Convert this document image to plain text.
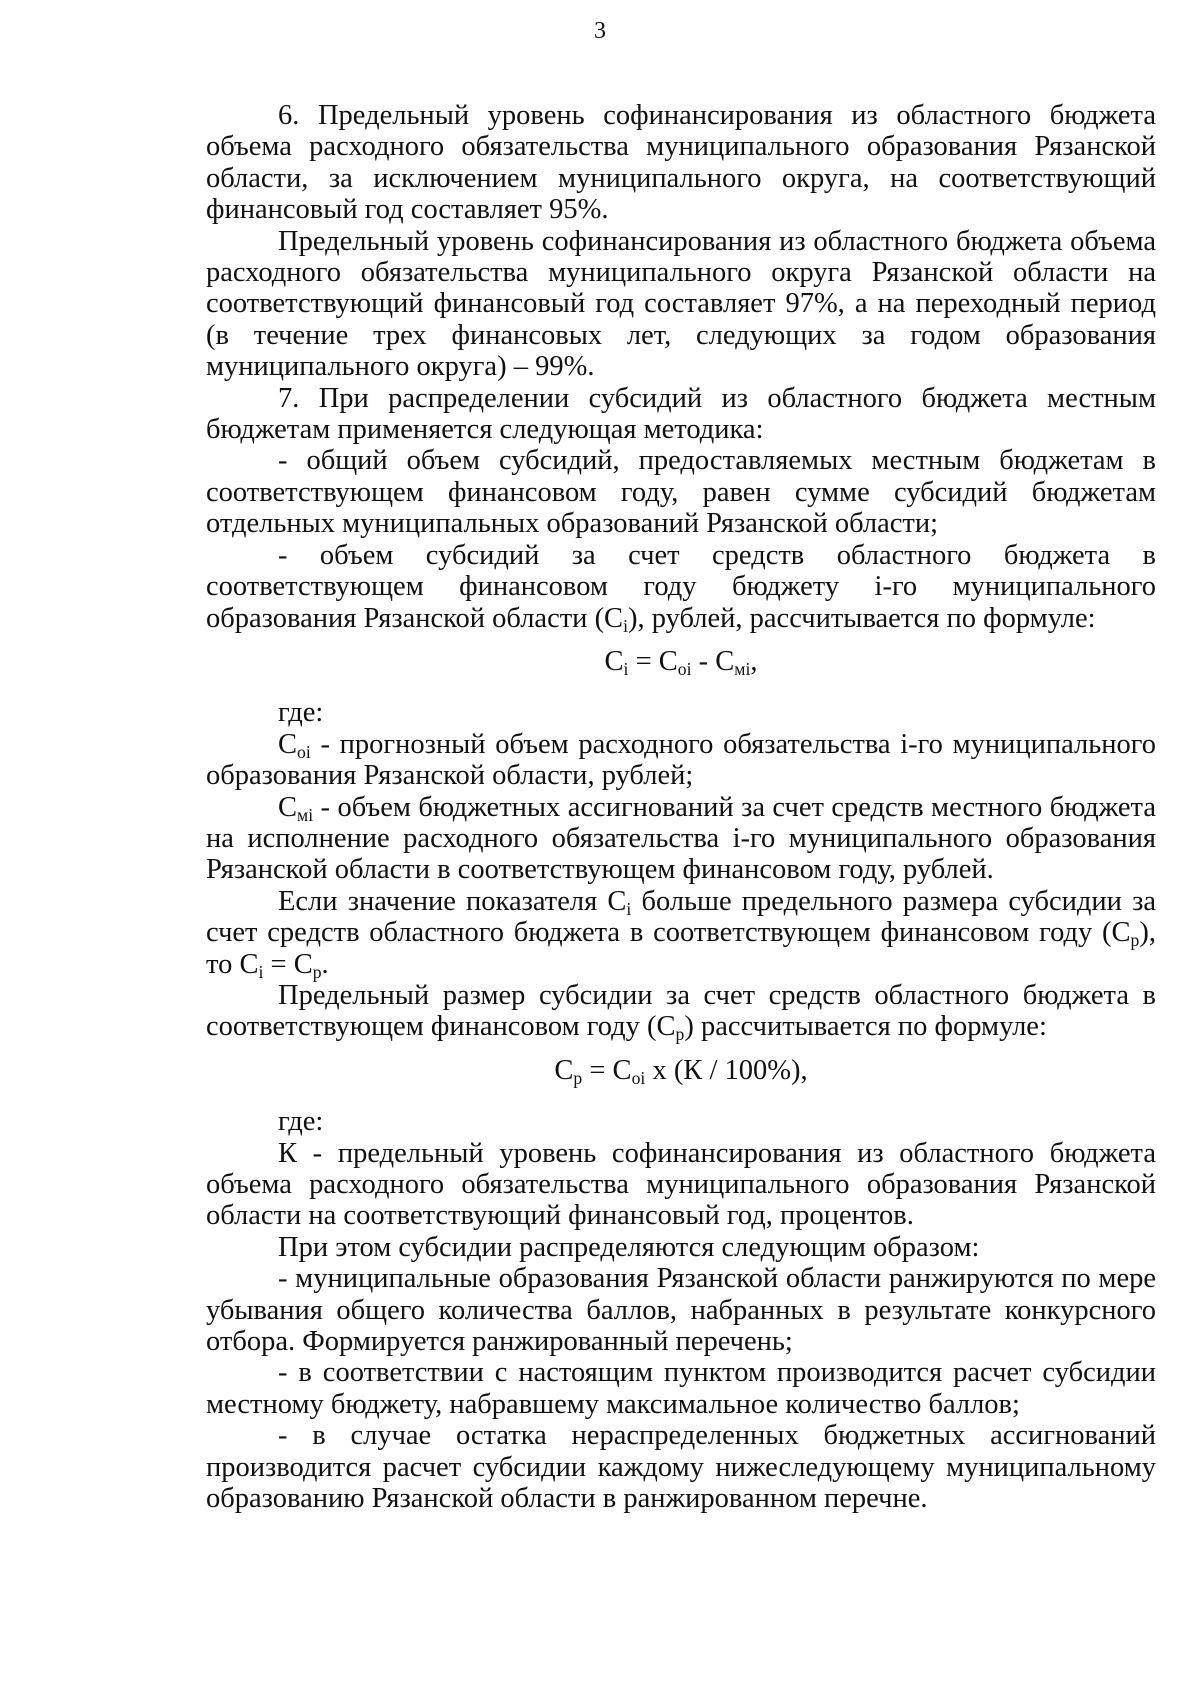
3

6. Предельный уровень софинансирования из областного бюджета объема расходного обязательства муниципального образования Рязанской области, за исключением муниципального округа, на соответствующий финансовый год составляет 95%.

Предельный уровень софинансирования из областного бюджета объема расходного обязательства муниципального округа Рязанской области на соответствующий финансовый год составляет 97%, а на переходный период (в течение трех финансовых лет, следующих за годом образования муниципального округа) – 99%.

7. При распределении субсидий из областного бюджета местным бюджетам применяется следующая методика:

- общий объем субсидий, предоставляемых местным бюджетам в соответствующем финансовом году, равен сумме субсидий бюджетам отдельных муниципальных образований Рязанской области;

- объем субсидий за счет средств областного бюджета в соответствующем финансовом году бюджету i-го муниципального образования Рязанской области $(С_i)$, рублей, рассчитывается по формуле:

$С_i = С_{oi} - С_{мi}$,

где:

$С_{oi}$ - прогнозный объем расходного обязательства i-го муниципального образования Рязанской области, рублей;

$С_{мi}$ - объем бюджетных ассигнований за счет средств местного бюджета на исполнение расходного обязательства i-го муниципального образования Рязанской области в соответствующем финансовом году, рублей.

Если значение показателя $С_i$ больше предельного размера субсидии за счет средств областного бюджета в соответствующем финансовом году $(С_р)$, то $С_i = С_р$.

Предельный размер субсидии за счет средств областного бюджета в соответствующем финансовом году $(С_р)$ рассчитывается по формуле:

$С_р = С_{oi}$ х (К / 100%),

где:

К - предельный уровень софинансирования из областного бюджета объема расходного обязательства муниципального образования Рязанской области на соответствующий финансовый год, процентов.

При этом субсидии распределяются следующим образом:

- муниципальные образования Рязанской области ранжируются по мере убывания общего количества баллов, набранных в результате конкурсного отбора. Формируется ранжированный перечень;

- в соответствии с настоящим пунктом производится расчет субсидии местному бюджету, набравшему максимальное количество баллов;

- в случае остатка нераспределенных бюджетных ассигнований производится расчет субсидии каждому нижеследующему муниципальному образованию Рязанской области в ранжированном перечне.
